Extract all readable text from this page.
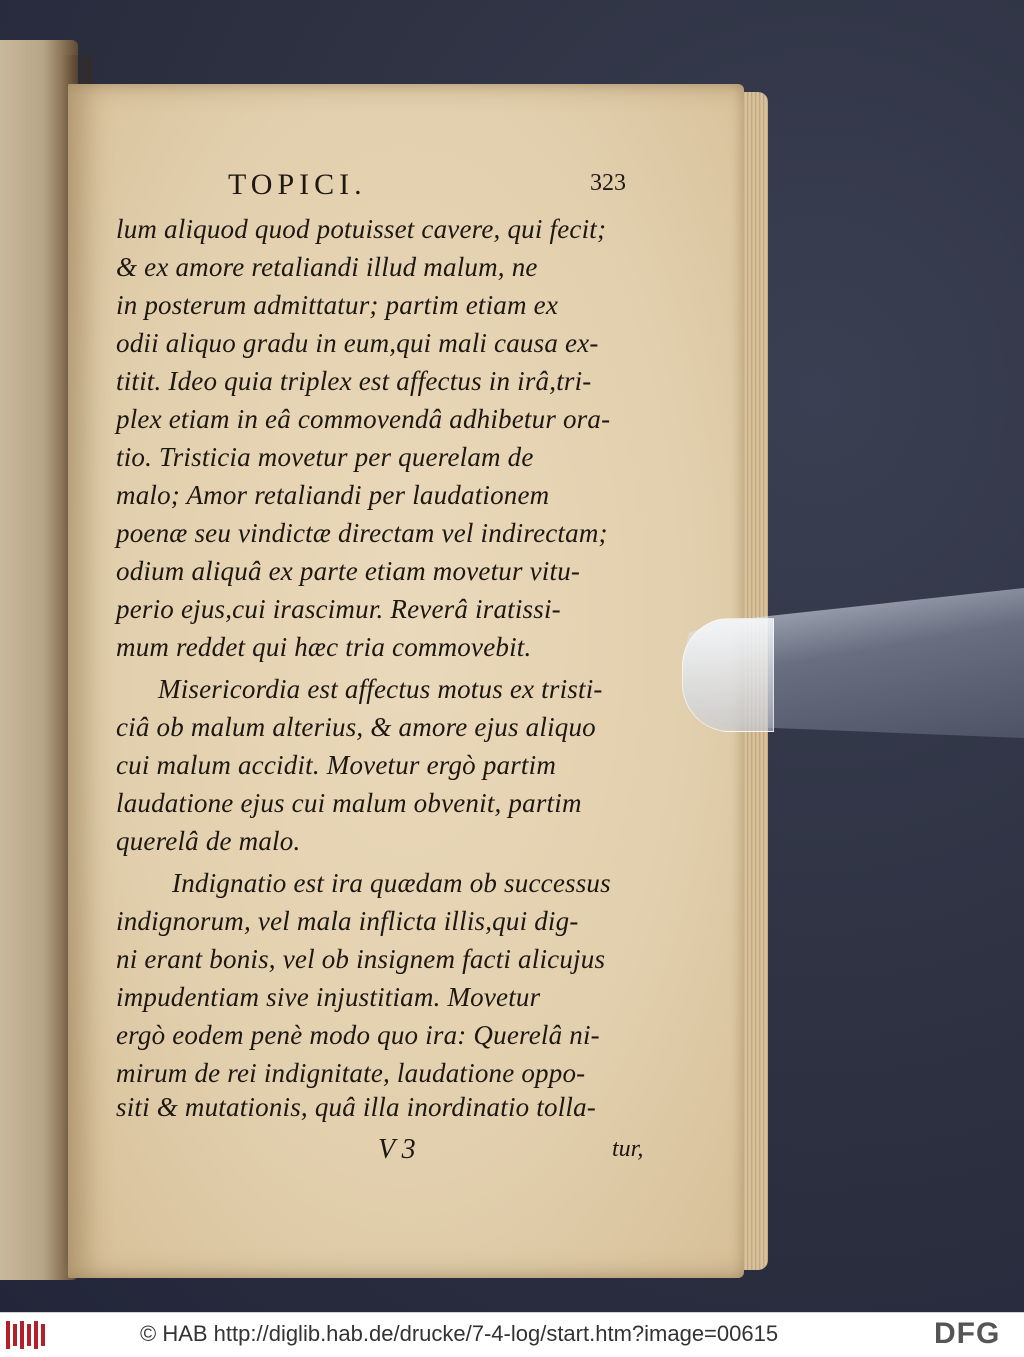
TOPICI.	323
lum aliquod quod potuisset cavere, qui fecit;
& ex amore retaliandi illud malum, ne
in posterum admittatur; partim etiam ex
odii aliquo gradu in eum,qui mali causa ex-
titit. Ideo quia triplex est affectus in irâ,tri-
plex etiam in eâ commovendâ adhibetur ora-
tio. Tristicia movetur per querelam de
malo; Amor retaliandi per laudationem
poenæ seu vindictæ directam vel indirectam;
odium aliquâ ex parte etiam movetur vitu-
perio ejus,cui irascimur. Reverâ iratissi-
mum reddet qui hæc tria commovebit.
Misericordia est affectus motus ex tristi-
ciâ ob malum alterius, & amore ejus aliquo
cui malum accidit. Movetur ergò partim
laudatione ejus cui malum obvenit, partim
querelâ de malo.
Indignatio est ira quædam ob successus
indignorum, vel mala inflicta illis,qui dig-
ni erant bonis, vel ob insignem facti alicujus
impudentiam sive injustitiam. Movetur
ergò eodem penè modo quo ira: Querelâ ni-
mirum de rei indignitate, laudatione oppo-
V 3	tur,
siti & mutationis, quâ illa inordinatio tolla-
© HAB http://diglib.hab.de/drucke/7-4-log/start.htm?image=00615	DFG
